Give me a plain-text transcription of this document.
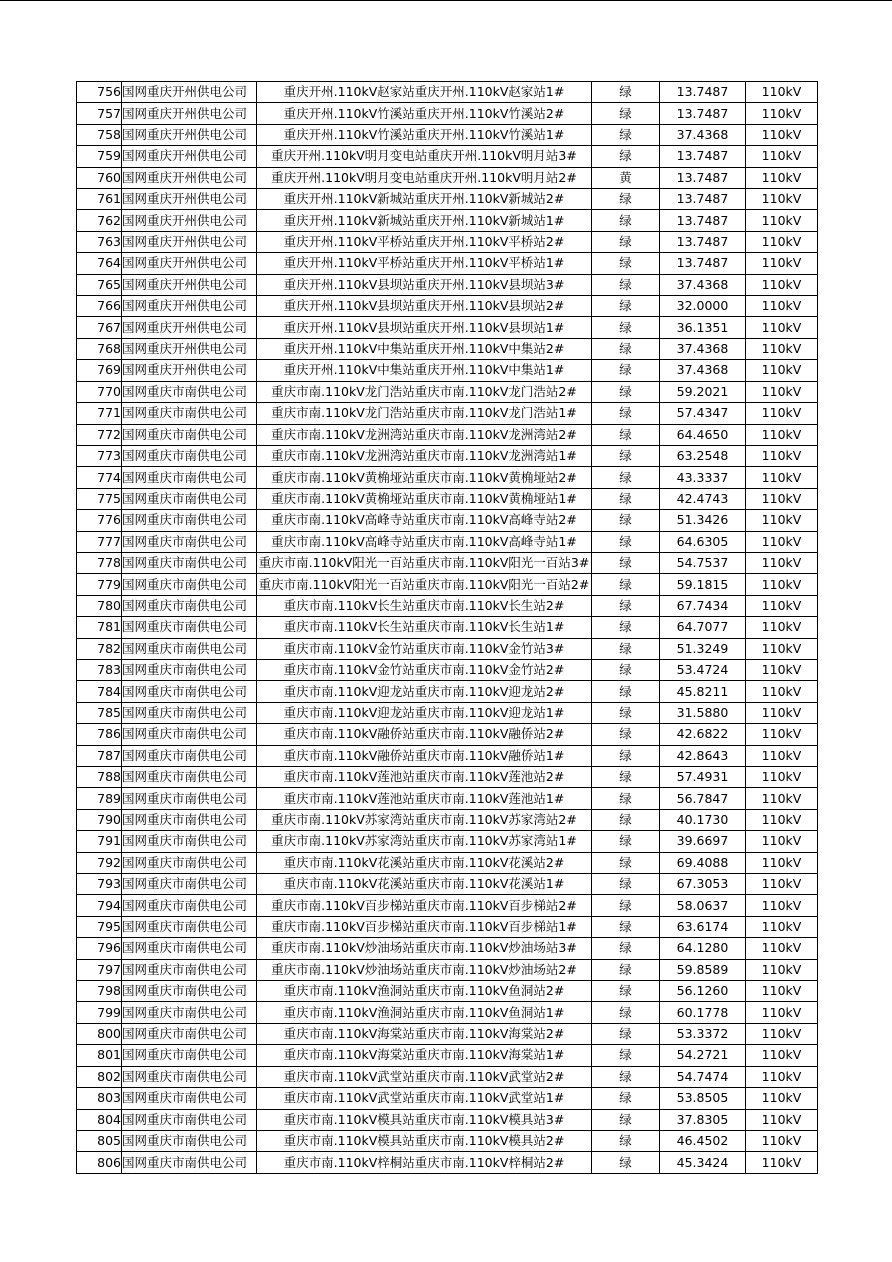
756	国网重庆开州供电公司	重庆开州.110kV赵家站重庆开州.110kV赵家站1#	绿	13.7487	110kV
757	国网重庆开州供电公司	重庆开州.110kV竹溪站重庆开州.110kV竹溪站2#	绿	13.7487	110kV
758	国网重庆开州供电公司	重庆开州.110kV竹溪站重庆开州.110kV竹溪站1#	绿	37.4368	110kV
759	国网重庆开州供电公司	重庆开州.110kV明月变电站重庆开州.110kV明月站3#	绿	13.7487	110kV
760	国网重庆开州供电公司	重庆开州.110kV明月变电站重庆开州.110kV明月站2#	黄	13.7487	110kV
761	国网重庆开州供电公司	重庆开州.110kV新城站重庆开州.110kV新城站2#	绿	13.7487	110kV
762	国网重庆开州供电公司	重庆开州.110kV新城站重庆开州.110kV新城站1#	绿	13.7487	110kV
763	国网重庆开州供电公司	重庆开州.110kV平桥站重庆开州.110kV平桥站2#	绿	13.7487	110kV
764	国网重庆开州供电公司	重庆开州.110kV平桥站重庆开州.110kV平桥站1#	绿	13.7487	110kV
765	国网重庆开州供电公司	重庆开州.110kV县坝站重庆开州.110kV县坝站3#	绿	37.4368	110kV
766	国网重庆开州供电公司	重庆开州.110kV县坝站重庆开州.110kV县坝站2#	绿	32.0000	110kV
767	国网重庆开州供电公司	重庆开州.110kV县坝站重庆开州.110kV县坝站1#	绿	36.1351	110kV
768	国网重庆开州供电公司	重庆开州.110kV中集站重庆开州.110kV中集站2#	绿	37.4368	110kV
769	国网重庆开州供电公司	重庆开州.110kV中集站重庆开州.110kV中集站1#	绿	37.4368	110kV
770	国网重庆市南供电公司	重庆市南.110kV龙门浩站重庆市南.110kV龙门浩站2#	绿	59.2021	110kV
771	国网重庆市南供电公司	重庆市南.110kV龙门浩站重庆市南.110kV龙门浩站1#	绿	57.4347	110kV
772	国网重庆市南供电公司	重庆市南.110kV龙洲湾站重庆市南.110kV龙洲湾站2#	绿	64.4650	110kV
773	国网重庆市南供电公司	重庆市南.110kV龙洲湾站重庆市南.110kV龙洲湾站1#	绿	63.2548	110kV
774	国网重庆市南供电公司	重庆市南.110kV黄桷垭站重庆市南.110kV黄桷垭站2#	绿	43.3337	110kV
775	国网重庆市南供电公司	重庆市南.110kV黄桷垭站重庆市南.110kV黄桷垭站1#	绿	42.4743	110kV
776	国网重庆市南供电公司	重庆市南.110kV高峰寺站重庆市南.110kV高峰寺站2#	绿	51.3426	110kV
777	国网重庆市南供电公司	重庆市南.110kV高峰寺站重庆市南.110kV高峰寺站1#	绿	64.6305	110kV
778	国网重庆市南供电公司	重庆市南.110kV阳光一百站重庆市南.110kV阳光一百站3#	绿	54.7537	110kV
779	国网重庆市南供电公司	重庆市南.110kV阳光一百站重庆市南.110kV阳光一百站2#	绿	59.1815	110kV
780	国网重庆市南供电公司	重庆市南.110kV长生站重庆市南.110kV长生站2#	绿	67.7434	110kV
781	国网重庆市南供电公司	重庆市南.110kV长生站重庆市南.110kV长生站1#	绿	64.7077	110kV
782	国网重庆市南供电公司	重庆市南.110kV金竹站重庆市南.110kV金竹站3#	绿	51.3249	110kV
783	国网重庆市南供电公司	重庆市南.110kV金竹站重庆市南.110kV金竹站2#	绿	53.4724	110kV
784	国网重庆市南供电公司	重庆市南.110kV迎龙站重庆市南.110kV迎龙站2#	绿	45.8211	110kV
785	国网重庆市南供电公司	重庆市南.110kV迎龙站重庆市南.110kV迎龙站1#	绿	31.5880	110kV
786	国网重庆市南供电公司	重庆市南.110kV融侨站重庆市南.110kV融侨站2#	绿	42.6822	110kV
787	国网重庆市南供电公司	重庆市南.110kV融侨站重庆市南.110kV融侨站1#	绿	42.8643	110kV
788	国网重庆市南供电公司	重庆市南.110kV莲池站重庆市南.110kV莲池站2#	绿	57.4931	110kV
789	国网重庆市南供电公司	重庆市南.110kV莲池站重庆市南.110kV莲池站1#	绿	56.7847	110kV
790	国网重庆市南供电公司	重庆市南.110kV苏家湾站重庆市南.110kV苏家湾站2#	绿	40.1730	110kV
791	国网重庆市南供电公司	重庆市南.110kV苏家湾站重庆市南.110kV苏家湾站1#	绿	39.6697	110kV
792	国网重庆市南供电公司	重庆市南.110kV花溪站重庆市南.110kV花溪站2#	绿	69.4088	110kV
793	国网重庆市南供电公司	重庆市南.110kV花溪站重庆市南.110kV花溪站1#	绿	67.3053	110kV
794	国网重庆市南供电公司	重庆市南.110kV百步梯站重庆市南.110kV百步梯站2#	绿	58.0637	110kV
795	国网重庆市南供电公司	重庆市南.110kV百步梯站重庆市南.110kV百步梯站1#	绿	63.6174	110kV
796	国网重庆市南供电公司	重庆市南.110kV炒油场站重庆市南.110kV炒油场站3#	绿	64.1280	110kV
797	国网重庆市南供电公司	重庆市南.110kV炒油场站重庆市南.110kV炒油场站2#	绿	59.8589	110kV
798	国网重庆市南供电公司	重庆市南.110kV渔洞站重庆市南.110kV鱼洞站2#	绿	56.1260	110kV
799	国网重庆市南供电公司	重庆市南.110kV渔洞站重庆市南.110kV鱼洞站1#	绿	60.1778	110kV
800	国网重庆市南供电公司	重庆市南.110kV海棠站重庆市南.110kV海棠站2#	绿	53.3372	110kV
801	国网重庆市南供电公司	重庆市南.110kV海棠站重庆市南.110kV海棠站1#	绿	54.2721	110kV
802	国网重庆市南供电公司	重庆市南.110kV武堂站重庆市南.110kV武堂站2#	绿	54.7474	110kV
803	国网重庆市南供电公司	重庆市南.110kV武堂站重庆市南.110kV武堂站1#	绿	53.8505	110kV
804	国网重庆市南供电公司	重庆市南.110kV模具站重庆市南.110kV模具站3#	绿	37.8305	110kV
805	国网重庆市南供电公司	重庆市南.110kV模具站重庆市南.110kV模具站2#	绿	46.4502	110kV
806	国网重庆市南供电公司	重庆市南.110kV梓桐站重庆市南.110kV梓桐站2#	绿	45.3424	110kV
